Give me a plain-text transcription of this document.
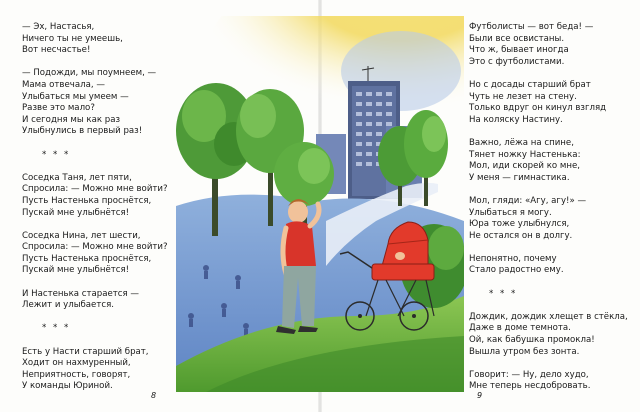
— Эх, Настасья,
Ничего ты не умеешь,
Вот несчастье!
— Подожди, мы поумнеем, —
Мама отвечала, —
Улыбаться мы умеем —
Разве это мало?
И сегодня мы как раз
Улыбнулись в первый раз!
* * *
Соседка Таня, лет пяти,
Спросила: — Можно мне войти?
Пусть Настенька проснётся,
Пускай мне улыбнётся!
Соседка Нина, лет шести,
Спросила: — Можно мне войти?
Пусть Настенька проснётся,
Пускай мне улыбнётся!
И Настенька старается —
Лежит и улыбается.
* * *
Есть у Насти старший брат,
Ходит он нахмуренный,
Неприятность, говорят,
У команды Юриной.
Футболисты — вот беда! —
Были все освистаны.
Что ж, бывает иногда
Это с футболистами.
Но с досады старший брат
Чуть не лезет на стену.
Только вдруг он кинул взгляд
На коляску Настину.
Важно, лёжа на спине,
Тянет ножку Настенька:
Мол, иди скорей ко мне,
У меня — гимнастика.
Мол, гляди: «Агу, агу!» —
Улыбаться я могу.
Юра тоже улыбнулся,
Не остался он в долгу.
Непонятно, почему
Стало радостно ему.
* * *
Дождик, дождик хлещет в стёкла,
Даже в доме темнота.
Ой, как бабушка промокла!
Вышла утром без зонта.
Говорит: — Ну, дело худо,
Мне теперь несдобровать.
8	9
